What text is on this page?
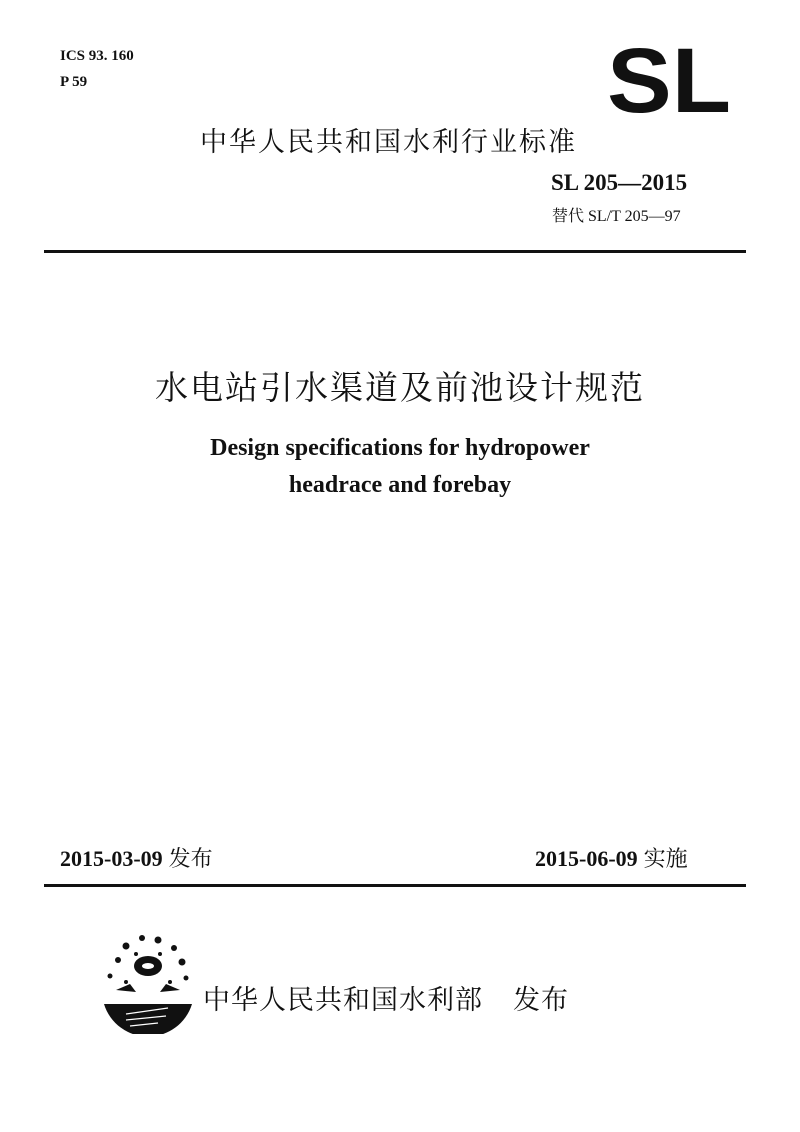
ICS 93. 160
P 59	SL
中华人民共和国水利行业标准
SL 205—2015
替代 SL/T 205—97
水电站引水渠道及前池设计规范
Design specifications for hydropower
headrace and forebay
2015-03-09 发布	2015-06-09 实施
中华人民共和国水利部 发布
